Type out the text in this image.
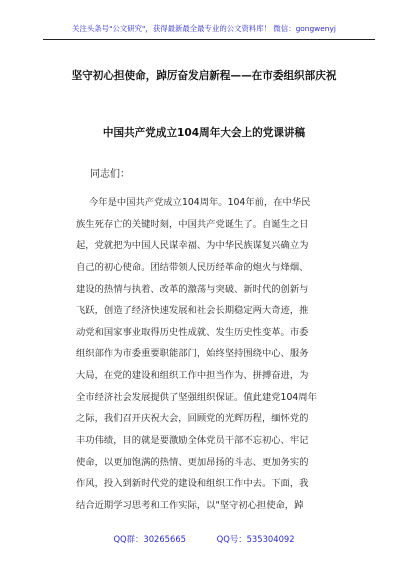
关注头条号"公文研究"，获得最新最全最专业的公文资料库！ 微信：gongwenyj
坚守初心担使命，踔厉奋发启新程——在市委组织部庆祝
中国共产党成立104周年大会上的党课讲稿
同志们：
今年是中国共产党成立104周年。104年前，在中华民
族生死存亡的关键时刻，中国共产党诞生了。自诞生之日
起，党就把为中国人民谋幸福、为中华民族谋复兴确立为
自己的初心使命。团结带领人民历经革命的炮火与烽烟、
建设的热情与执着、改革的激荡与突破、新时代的创新与
飞跃，创造了经济快速发展和社会长期稳定两大奇迹，推
动党和国家事业取得历史性成就、发生历史性变革。市委
组织部作为市委重要职能部门，始终坚持围绕中心、服务
大局，在党的建设和组织工作中担当作为、拼搏奋进，为
全市经济社会发展提供了坚强组织保证。值此建党104周年
之际，我们召开庆祝大会，回顾党的光辉历程，缅怀党的
丰功伟绩，目的就是要激励全体党员干部不忘初心、牢记
使命，以更加饱满的热情、更加昂扬的斗志、更加务实的
作风，投入到新时代党的建设和组织工作中去。下面，我
结合近期学习思考和工作实际，以"坚守初心担使命，踔
QQ群：30265665	QQ号：535304092
